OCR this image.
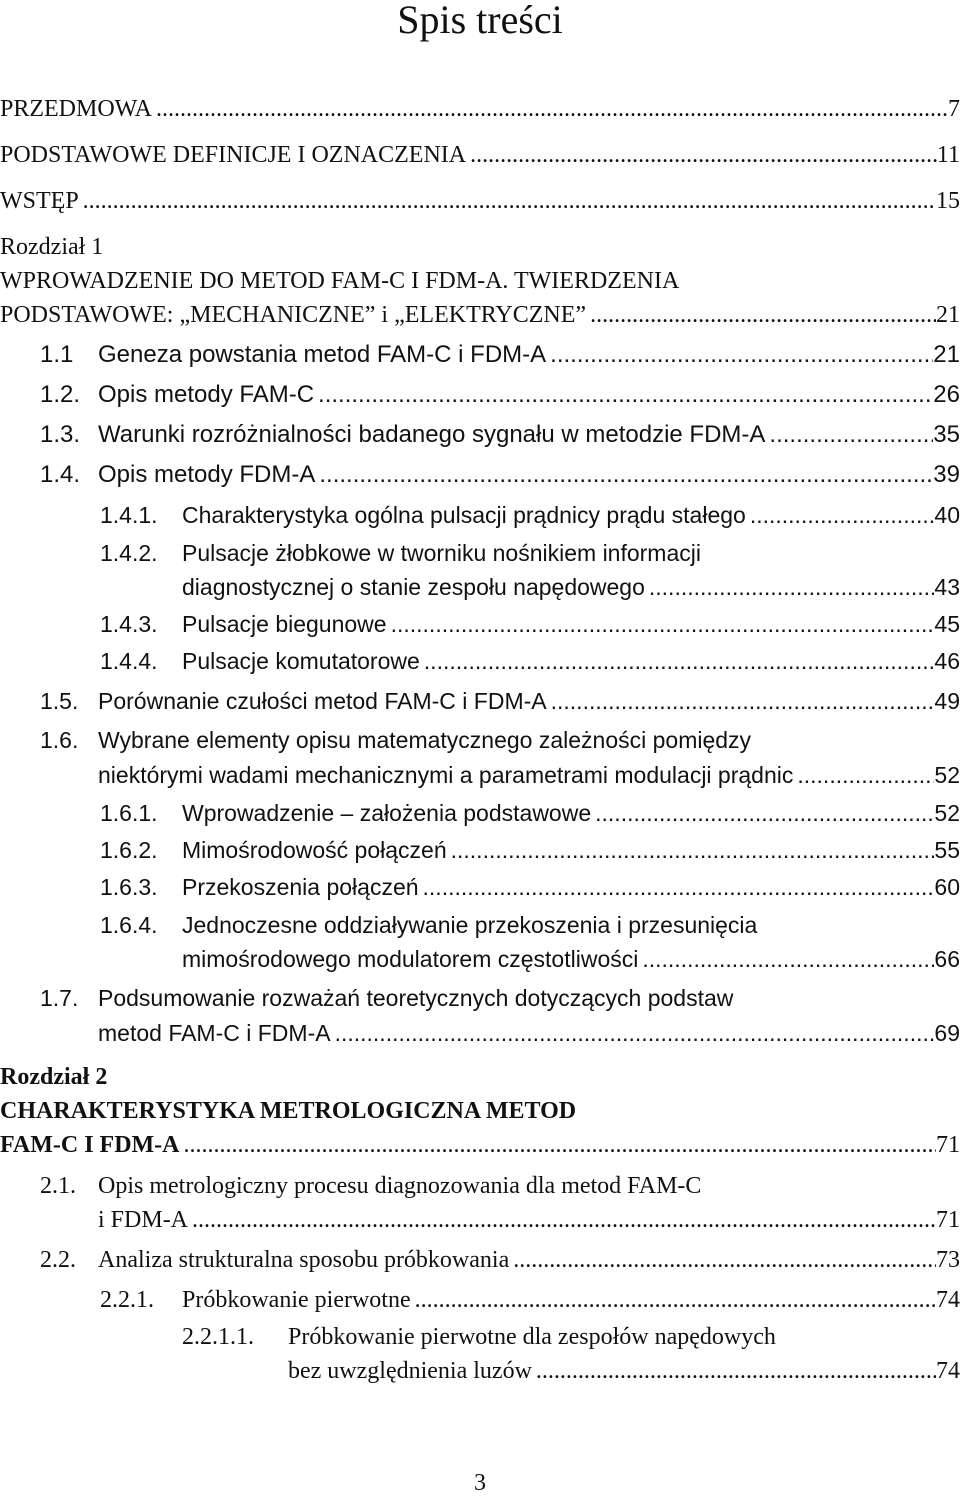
Spis treści
PRZEDMOWA .....	7
PODSTAWOWE DEFINICJE I OZNACZENIA .....	11
WSTĘP .....	15
Rozdział 1
WPROWADZENIE DO METOD FAM-C I FDM-A. TWIERDZENIA
PODSTAWOWE: „MECHANICZNE” i „ELEKTRYCZNE” .....	21
1.1	Geneza powstania metod FAM-C i FDM-A .....	21
1.2. Opis metody FAM-C .....	26
1.3. Warunki rozróżnialności badanego sygnału w metodzie FDM-A .....	35
1.4. Opis metody FDM-A .....	39
1.4.1.	Charakterystyka ogólna pulsacji prądnicy prądu stałego .....	40
1.4.2. Pulsacje żłobkowe w tworniku nośnikiem informacji
diagnostycznej o stanie zespołu napędowego .....	43
1.4.3.	Pulsacje biegunowe .....	45
1.4.4.	Pulsacje komutatorowe .....	46
1.5. Porównanie czułości metod FAM-C i FDM-A .....	49
1.6. Wybrane elementy opisu matematycznego zależności pomiędzy
niektórymi wadami mechanicznymi a parametrami modulacji prądnic .....	52
1.6.1.	Wprowadzenie – założenia podstawowe .....	52
1.6.2.	Mimośrodowość połączeń .....	55
1.6.3.	Przekoszenia połączeń .....	60
1.6.4. Jednoczesne oddziaływanie przekoszenia i przesunięcia
mimośrodowego modulatorem częstotliwości .....	66
1.7. Podsumowanie rozważań teoretycznych dotyczących podstaw
metod FAM-C i FDM-A .....	69
Rozdział 2
CHARAKTERYSTYKA METROLOGICZNA METOD
FAM-C I FDM-A .....	71
2.1. Opis metrologiczny procesu diagnozowania dla metod FAM-C
i FDM-A .....	71
2.2. Analiza strukturalna sposobu próbkowania .....	73
2.2.1.	Próbkowanie pierwotne .....	74
2.2.1.1. Próbkowanie pierwotne dla zespołów napędowych
bez uwzględnienia luzów .....	74
3
